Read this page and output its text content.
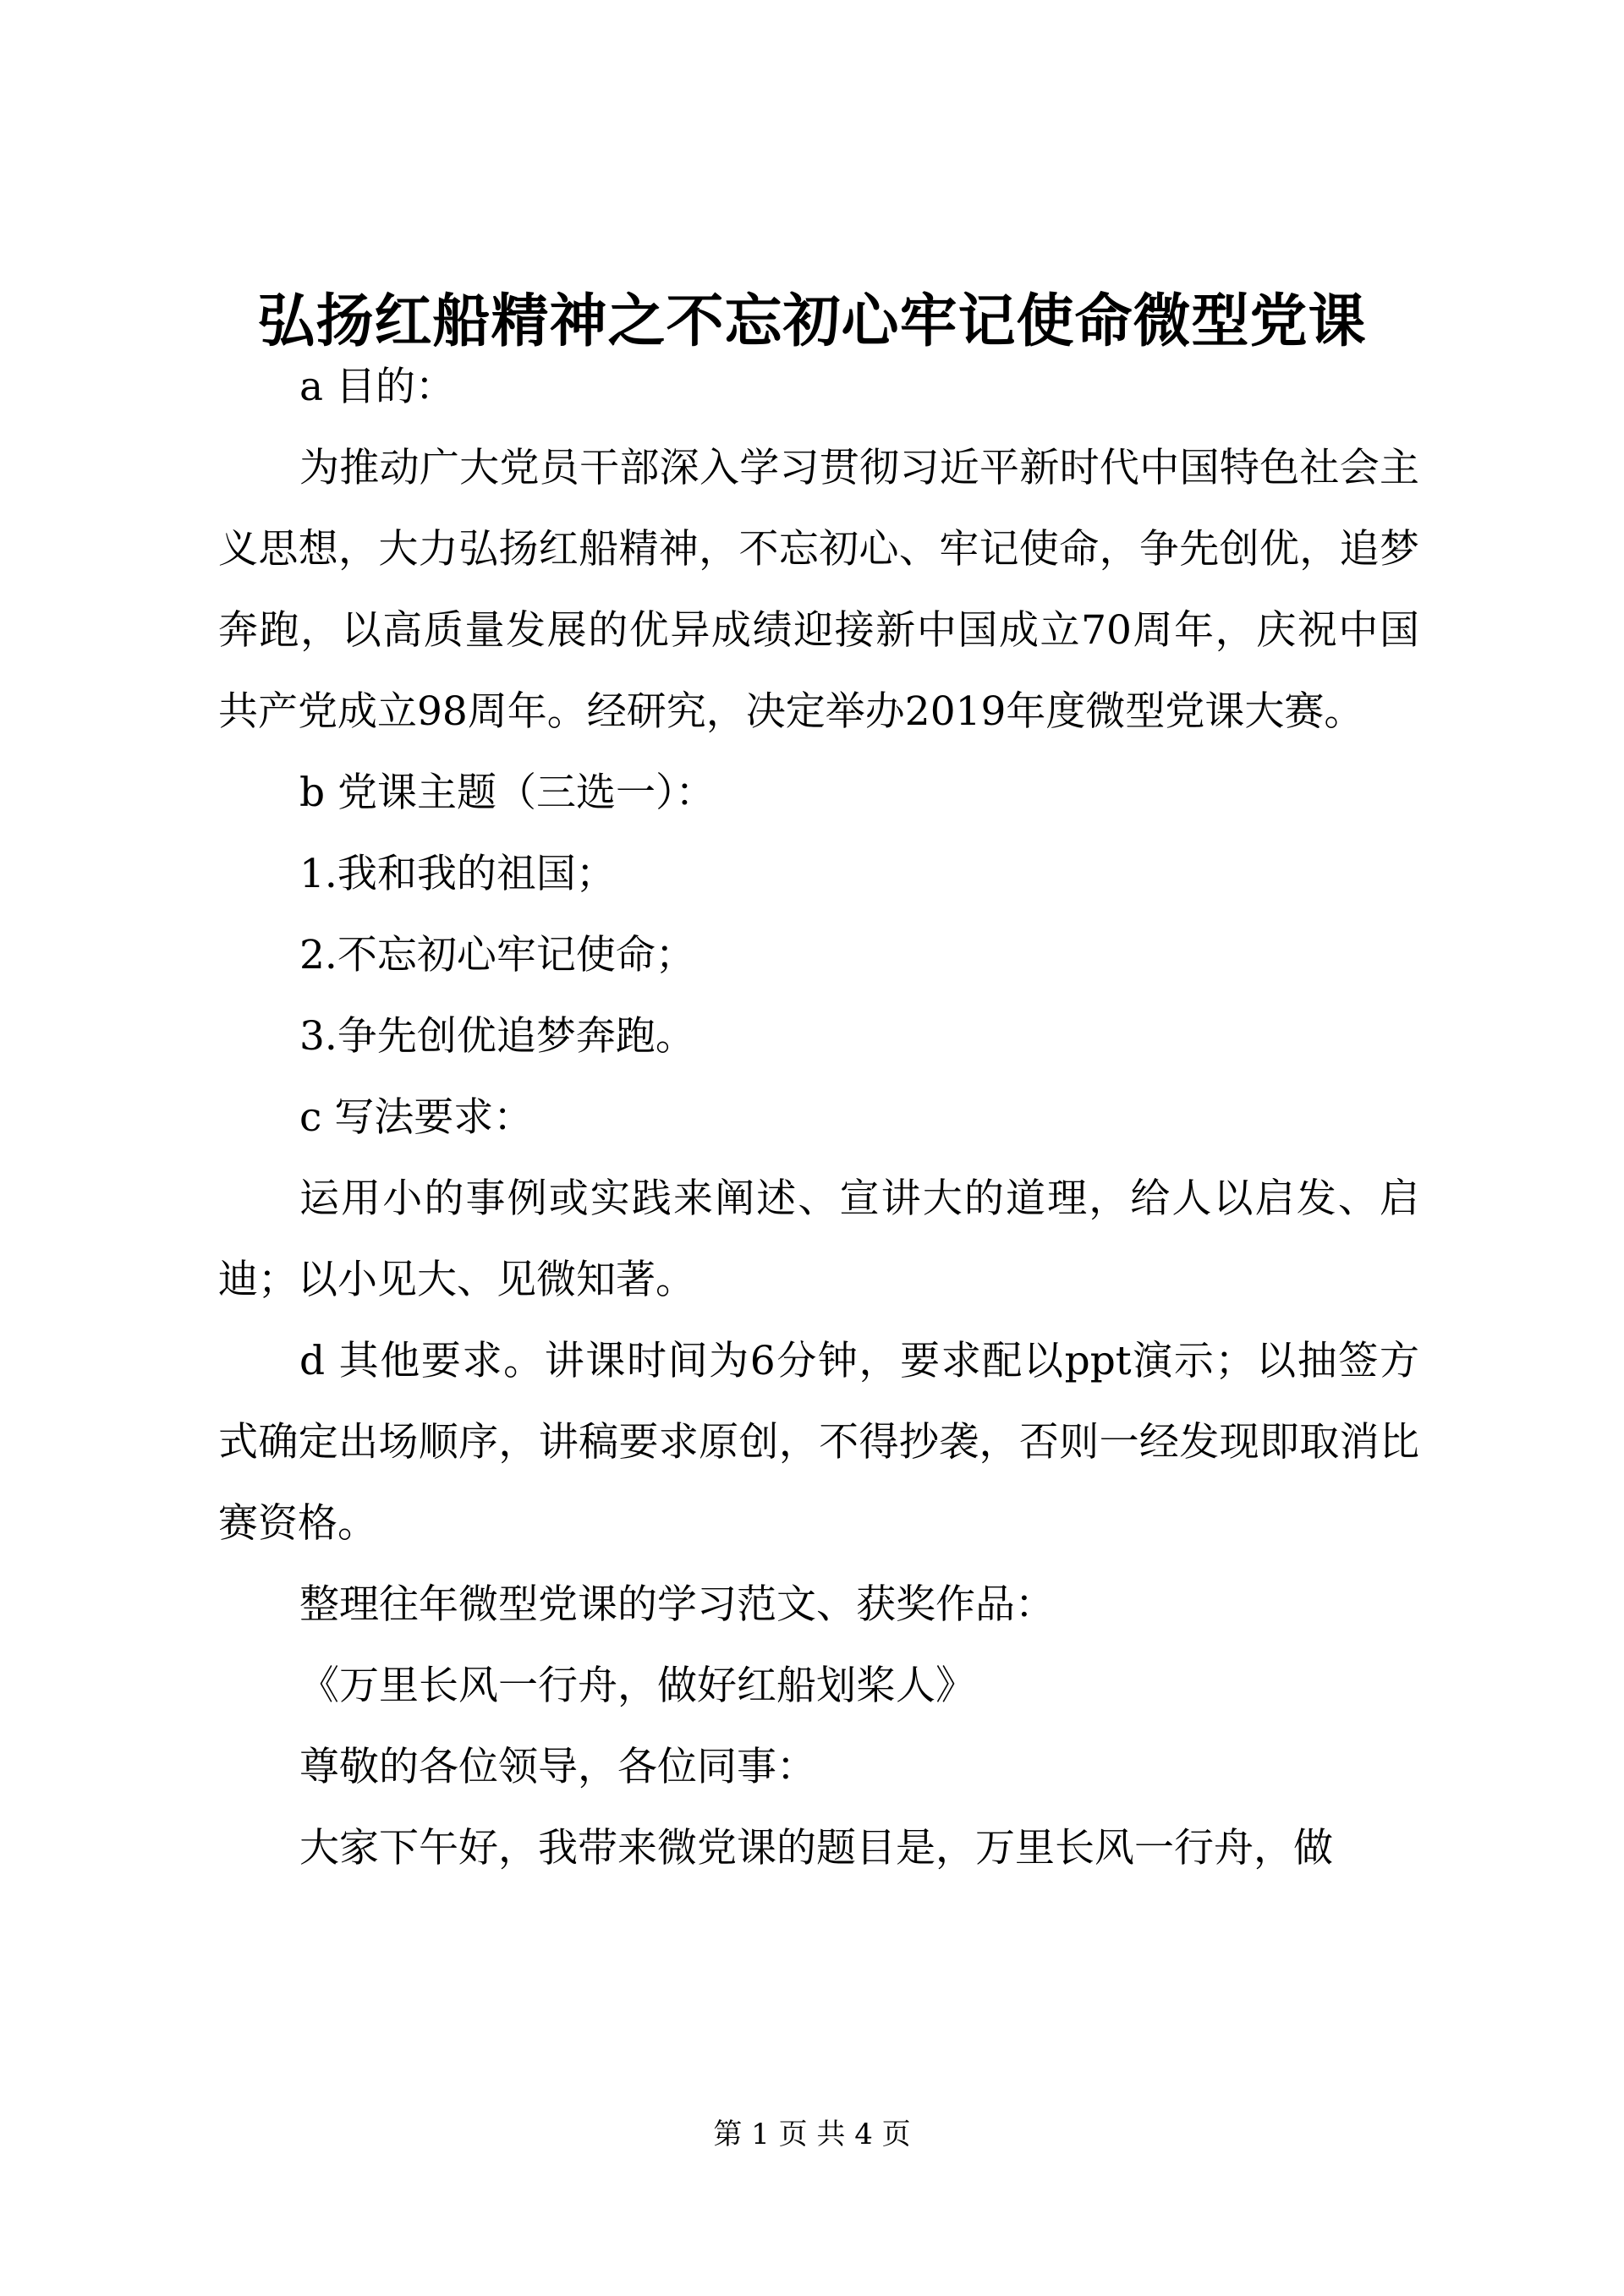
弘扬红船精神之不忘初心牢记使命微型党课

a 目的：

为推动广大党员干部深入学习贯彻习近平新时代中国特色社会主义思想，大力弘扬红船精神，不忘初心、牢记使命，争先创优，追梦奔跑，以高质量发展的优异成绩迎接新中国成立70周年，庆祝中国共产党成立98周年。经研究，决定举办2019年度微型党课大赛。

b 党课主题（三选一）：

1.我和我的祖国；

2.不忘初心牢记使命；

3.争先创优追梦奔跑。

c 写法要求：

运用小的事例或实践来阐述、宣讲大的道理，给人以启发、启迪；以小见大、见微知著。

d 其他要求。讲课时间为6分钟，要求配以ppt演示；以抽签方式确定出场顺序，讲稿要求原创，不得抄袭，否则一经发现即取消比赛资格。

整理往年微型党课的学习范文、获奖作品：

《万里长风一行舟，做好红船划桨人》

尊敬的各位领导，各位同事：

大家下午好，我带来微党课的题目是，万里长风一行舟，做

第 1 页 共 4 页
